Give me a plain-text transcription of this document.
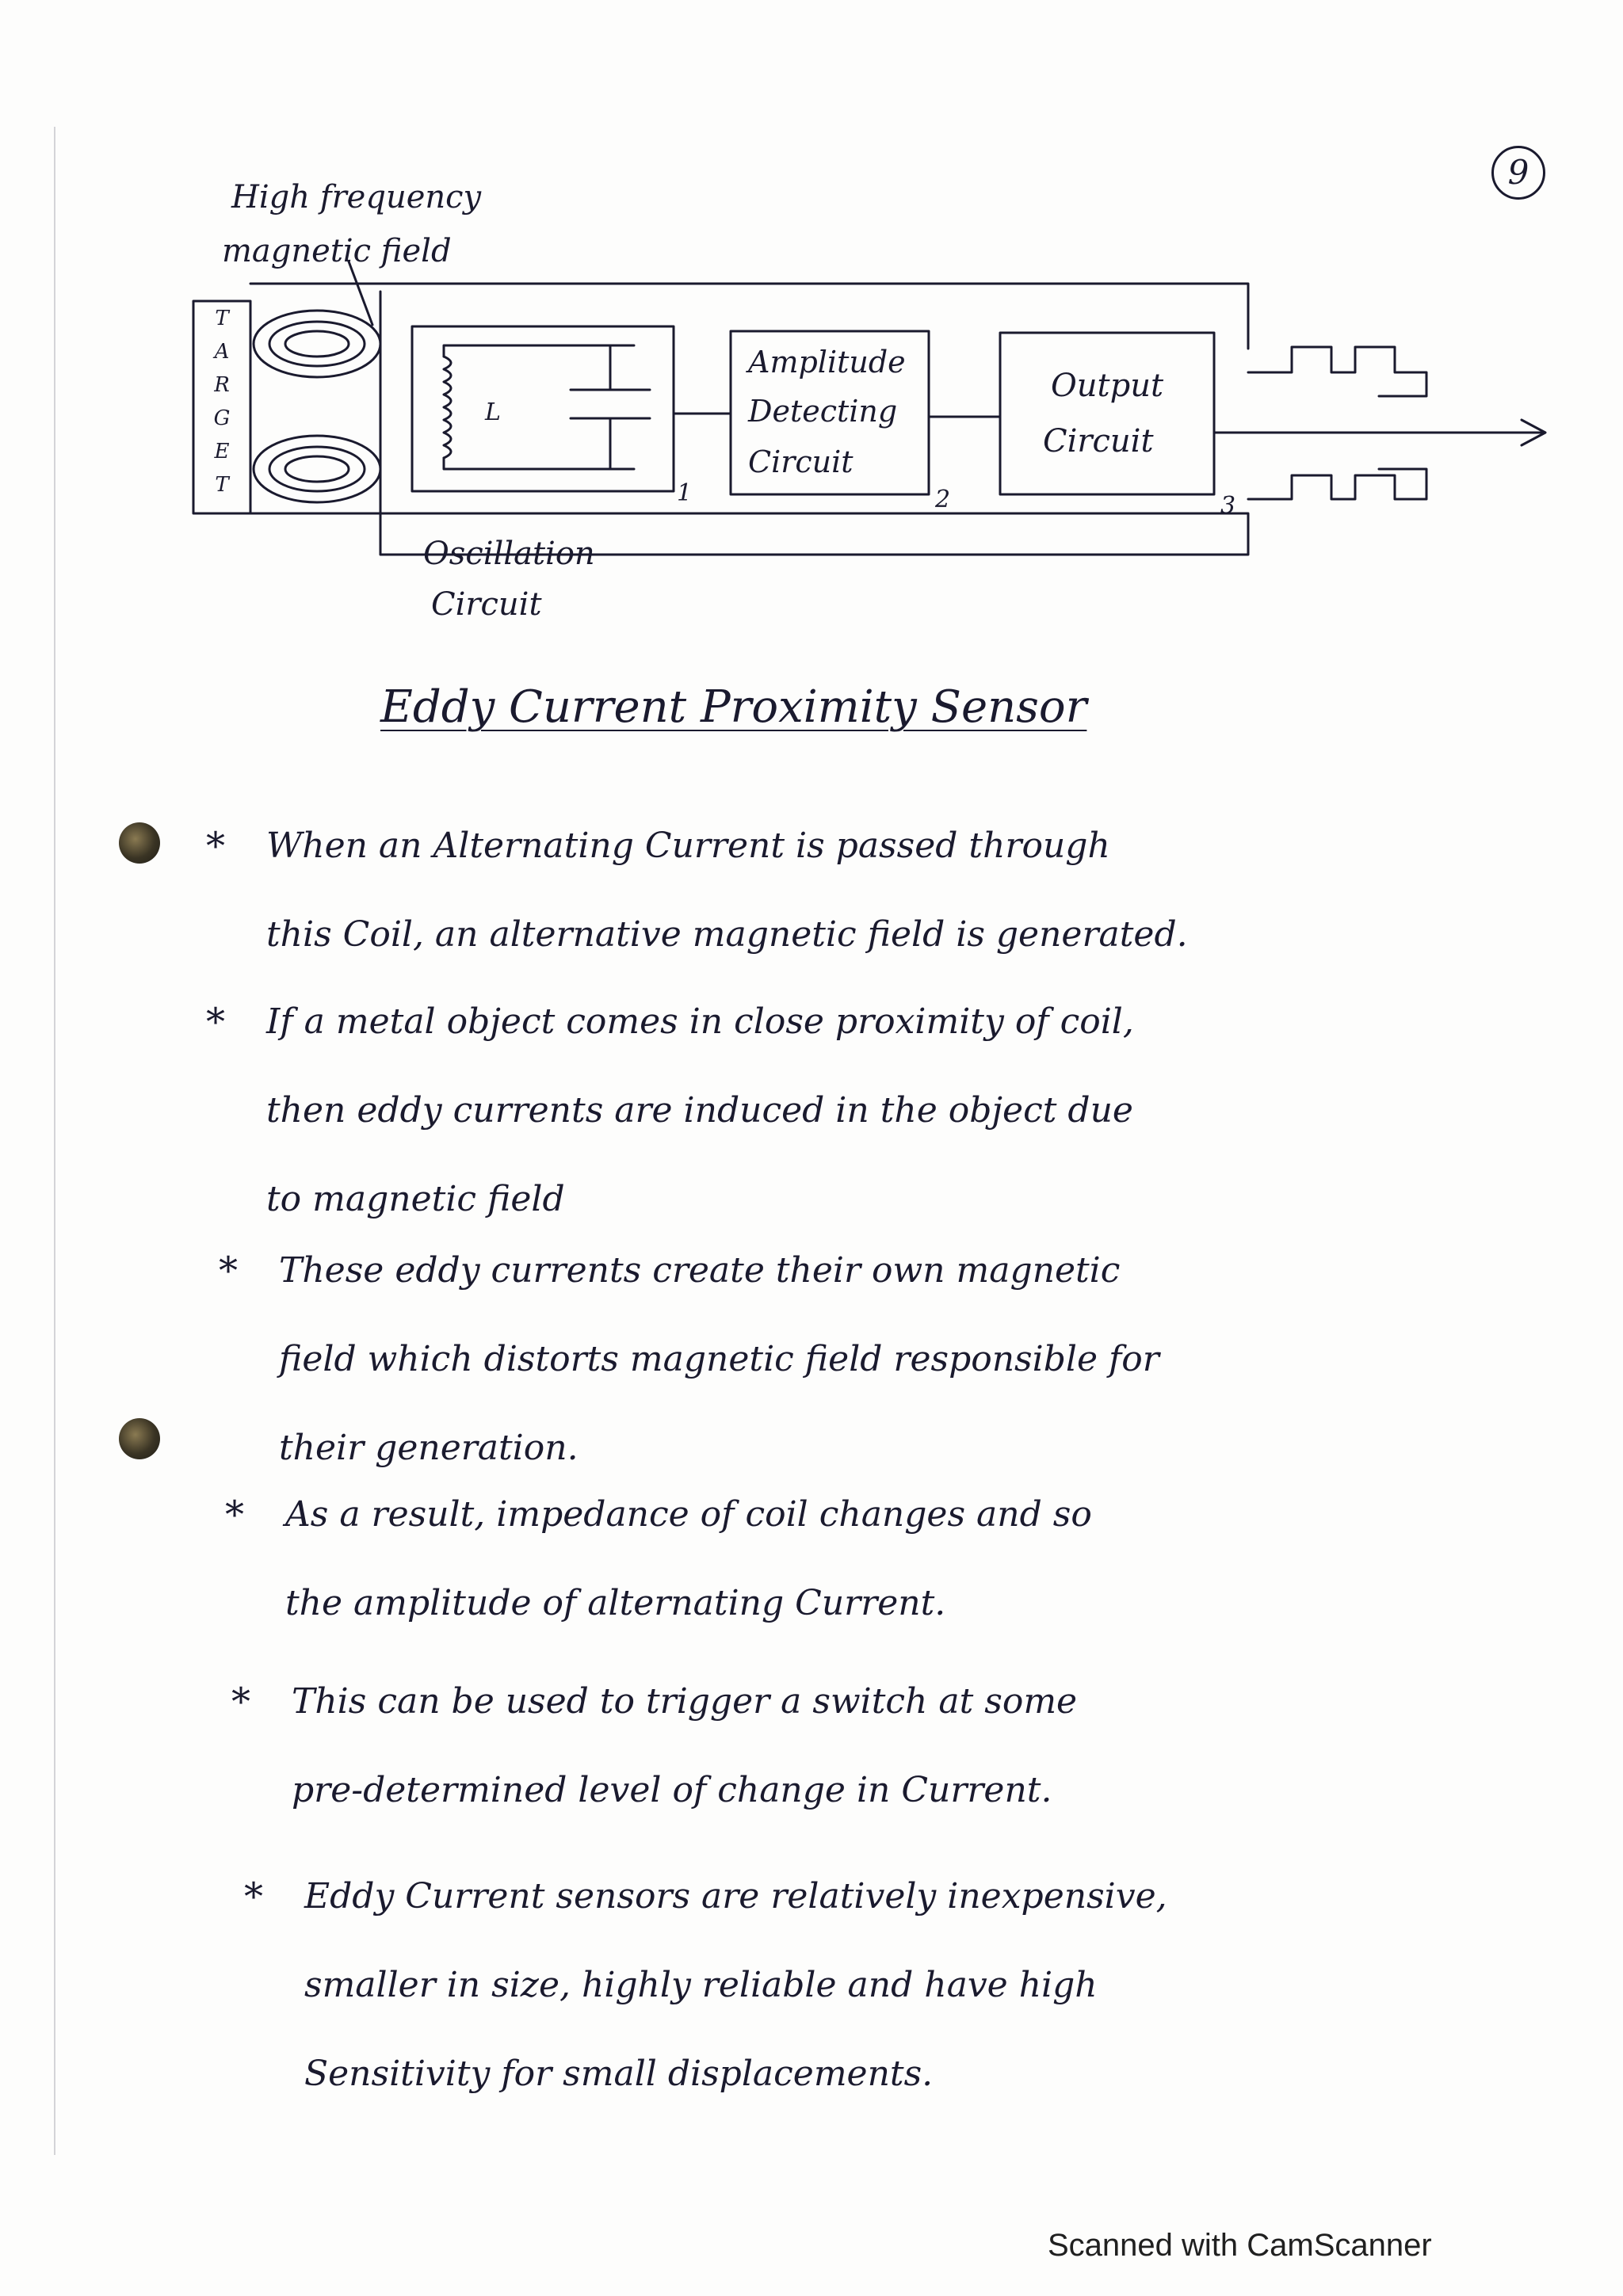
9
High frequency
magnetic field
T
A
R
G
E
T
L
Amplitude
Detecting
Circuit
Output
Circuit
1	2	3
Oscillation
Circuit
Eddy Current Proximity Sensor
* When an Alternating Current is passed through
this Coil, an alternative magnetic field is generated.
* If a metal object comes in close proximity of coil,
then eddy currents are induced in the object due
to magnetic field
* These eddy currents create their own magnetic
field which distorts magnetic field responsible for
their generation.
* As a result, impedance of coil changes and so
the amplitude of alternating Current.
* This can be used to trigger a switch at some
pre-determined level of change in Current.
* Eddy Current sensors are relatively inexpensive,
smaller in size, highly reliable and have high
Sensitivity for small displacements.
Scanned with CamScanner
